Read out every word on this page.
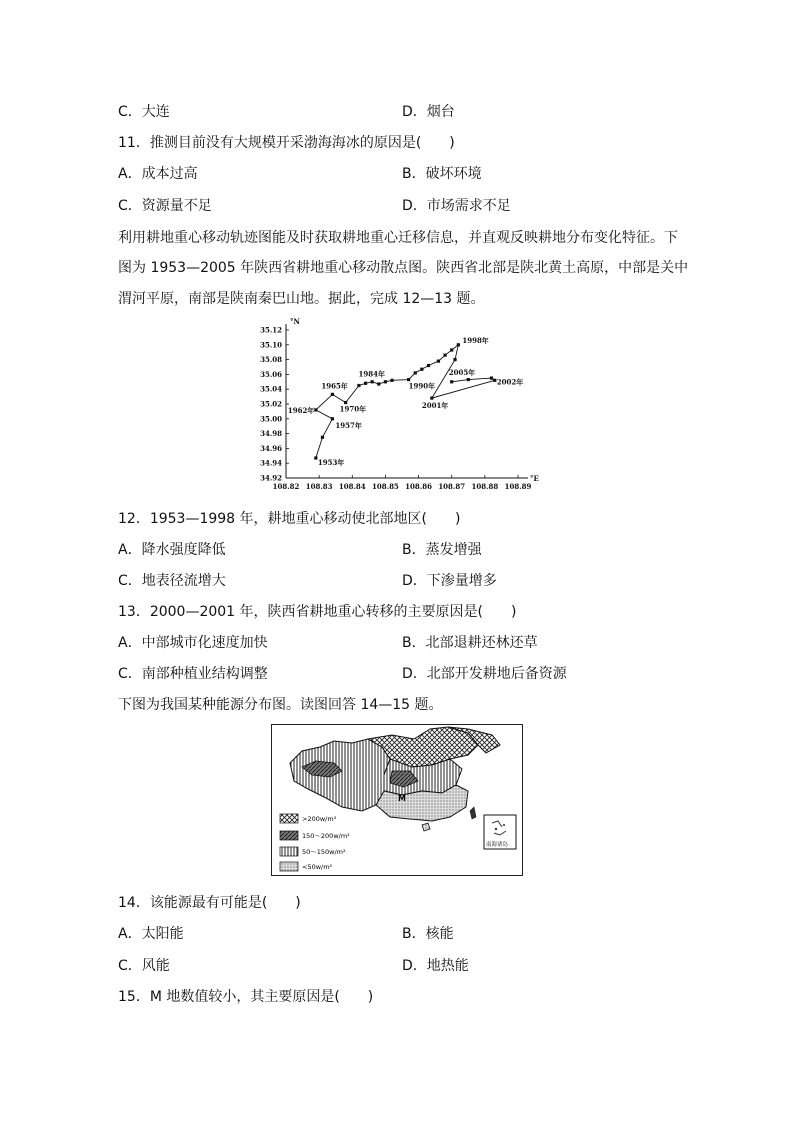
C．大连	D．烟台
11．推测目前没有大规模开采渤海海冰的原因是(　　)
A．成本过高	B．破坏环境
C．资源量不足	D．市场需求不足
利用耕地重心移动轨迹图能及时获取耕地重心迁移信息，并直观反映耕地分布变化特征。下
图为 1953—2005 年陕西省耕地重心移动散点图。陕西省北部是陕北黄土高原，中部是关中
渭河平原，南部是陕南秦巴山地。据此，完成 12—13 题。
35.12
35.10
35.08
35.06
35.04
35.02
35.00
34.98
34.96
34.94
34.92
108.82 108.83 108.84 108.85 108.86 108.87 108.88 108.89
°N
°E
1953年
1957年
1962年
1965年
1970年
1984年
1990年
1998年
2001年
2002年
2005年
12．1953—1998 年，耕地重心移动使北部地区(　　)
A．降水强度降低	B．蒸发增强
C．地表径流增大	D．下渗量增多
13．2000—2001 年，陕西省耕地重心转移的主要原因是(　　)
A．中部城市化速度加快	B．北部退耕还林还草
C．南部种植业结构调整	D．北部开发耕地后备资源
下图为我国某种能源分布图。读图回答 14—15 题。
M
南海诸岛
>200w/m²
150～200w/m²
50～150w/m²
<50w/m²
14．该能源最有可能是(　　)
A．太阳能	B．核能
C．风能	D．地热能
15．M 地数值较小，其主要原因是(　　)
